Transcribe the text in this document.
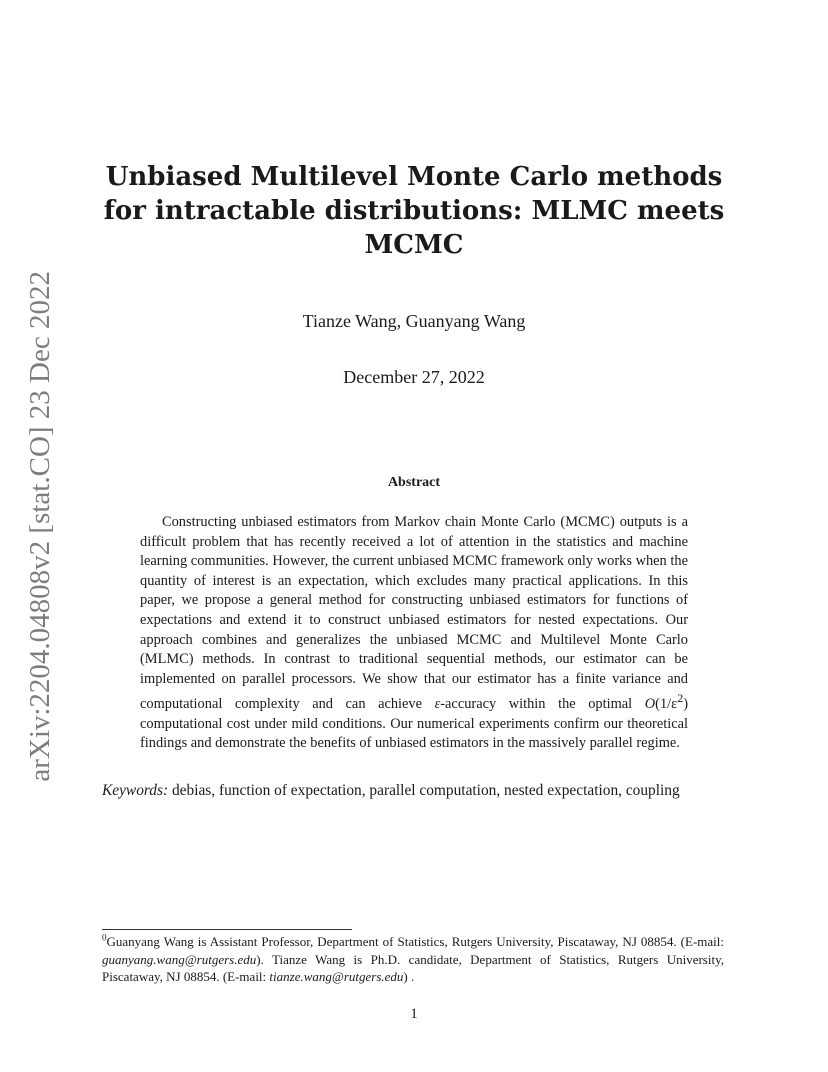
arXiv:2204.04808v2 [stat.CO] 23 Dec 2022
Unbiased Multilevel Monte Carlo methods for intractable distributions: MLMC meets MCMC
Tianze Wang, Guanyang Wang
December 27, 2022
Abstract

Constructing unbiased estimators from Markov chain Monte Carlo (MCMC) outputs is a difficult problem that has recently received a lot of attention in the statistics and machine learning communities. However, the current unbiased MCMC framework only works when the quantity of interest is an expectation, which excludes many practical applications. In this paper, we propose a general method for constructing unbiased estimators for functions of expectations and extend it to construct unbiased estimators for nested expectations. Our approach combines and generalizes the unbiased MCMC and Multilevel Monte Carlo (MLMC) methods. In contrast to traditional sequential methods, our estimator can be implemented on parallel processors. We show that our estimator has a finite variance and computational complexity and can achieve ε-accuracy within the optimal $O(1/\varepsilon^2)$ computational cost under mild conditions. Our numerical experiments confirm our theoretical findings and demonstrate the benefits of unbiased estimators in the massively parallel regime.

Keywords: debias, function of expectation, parallel computation, nested expectation, coupling

$^0$Guanyang Wang is Assistant Professor, Department of Statistics, Rutgers University, Piscataway, NJ 08854. (E-mail: guanyang.wang@rutgers.edu). Tianze Wang is Ph.D. candidate, Department of Statistics, Rutgers University, Piscataway, NJ 08854. (E-mail: tianze.wang@rutgers.edu) .

1
